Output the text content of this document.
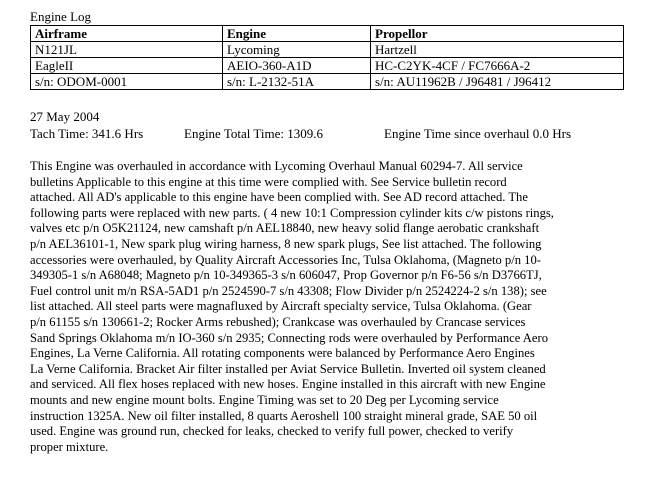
Engine Log
Airframe	Engine	Propellor
N121JL	Lycoming	Hartzell
EagleII	AEIO-360-A1D	HC-C2YK-4CF / FC7666A-2
s/n: ODOM-0001	s/n: L-2132-51A	s/n: AU11962B / J96481 / J96412
27 May 2004
Tach Time: 341.6 Hrs	Engine Total Time: 1309.6	Engine Time since overhaul 0.0 Hrs
This Engine was overhauled in accordance with Lycoming Overhaul Manual 60294-7. All service
bulletins Applicable to this engine at this time were complied with. See Service bulletin record
attached. All AD's applicable to this engine have been complied with. See AD record attached. The
following parts were replaced with new parts. ( 4 new 10:1 Compression cylinder kits c/w pistons rings,
valves etc p/n O5K21124, new camshaft p/n AEL18840, new heavy solid flange aerobatic crankshaft
p/n AEL36101-1, New spark plug wiring harness, 8 new spark plugs, See list attached. The following
accessories were overhauled, by Quality Aircraft Accessories Inc, Tulsa Oklahoma, (Magneto p/n 10-
349305-1 s/n A68048; Magneto p/n 10-349365-3 s/n 606047, Prop Governor p/n F6-56 s/n D3766TJ,
Fuel control unit m/n RSA-5AD1 p/n 2524590-7 s/n 43308; Flow Divider p/n 2524224-2 s/n 138); see
list attached. All steel parts were magnafluxed by Aircraft specialty service, Tulsa Oklahoma. (Gear
p/n 61155 s/n 130661-2; Rocker Arms rebushed); Crankcase was overhauled by Crancase services
Sand Springs Oklahoma m/n IO-360 s/n 2935; Connecting rods were overhauled by Performance Aero
Engines, La Verne California. All rotating components were balanced by Performance Aero Engines
La Verne California. Bracket Air filter installed per Aviat Service Bulletin. Inverted oil system cleaned
and serviced. All flex hoses replaced with new hoses. Engine installed in this aircraft with new Engine
mounts and new engine mount bolts. Engine Timing was set to 20 Deg per Lycoming service
instruction 1325A. New oil filter installed, 8 quarts Aeroshell 100 straight mineral grade, SAE 50 oil
used. Engine was ground run, checked for leaks, checked to verify full power, checked to verify
proper mixture.
